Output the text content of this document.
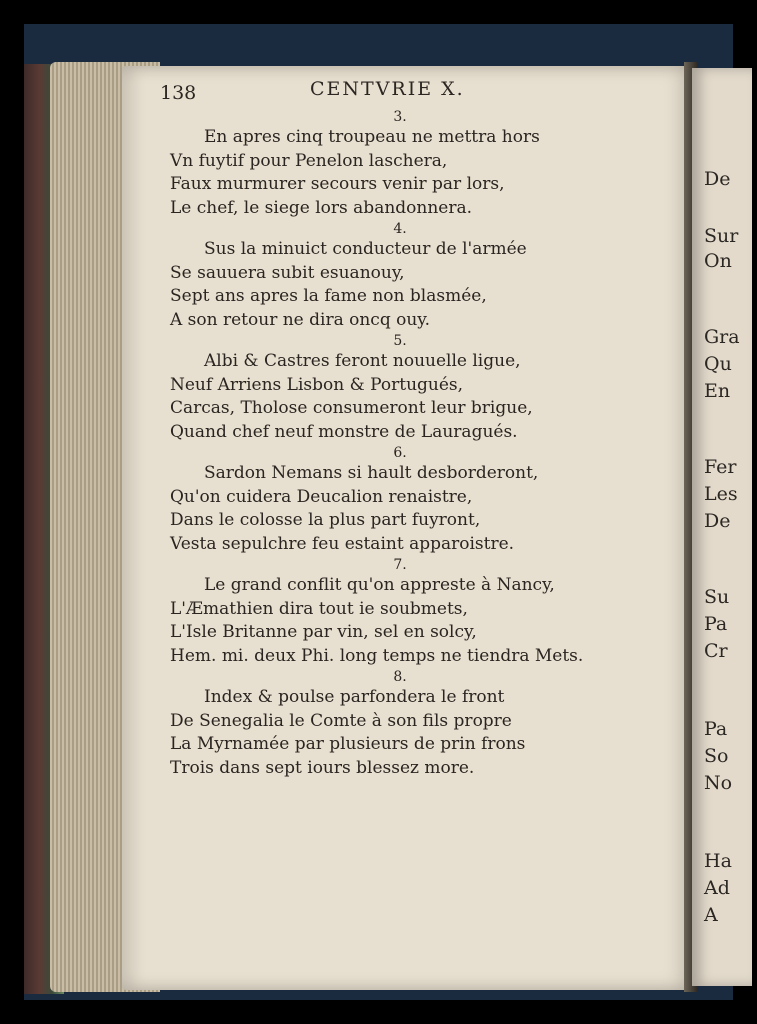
De
Sur
On
Gra
Qu
En
Fer
Les
De
Su
Pa
Cr
Pa
So
No
Ha
Ad
A
138	CENTVRIE X.
3.
En apres cinq troupeau ne mettra hors
Vn fuytif pour Penelon laschera,
Faux murmurer secours venir par lors,
Le chef, le siege lors abandonnera.
4.
Sus la minuict conducteur de l'armée
Se sauuera subit esuanouy,
Sept ans apres la fame non blasmée,
A son retour ne dira oncq ouy.
5.
Albi & Castres feront nouuelle ligue,
Neuf Arriens Lisbon & Portugués,
Carcas, Tholose consumeront leur brigue,
Quand chef neuf monstre de Lauragués.
6.
Sardon Nemans si hault desborderont,
Qu'on cuidera Deucalion renaistre,
Dans le colosse la plus part fuyront,
Vesta sepulchre feu estaint apparoistre.
7.
Le grand conflit qu'on appreste à Nancy,
L'Æmathien dira tout ie soubmets,
L'Isle Britanne par vin, sel en solcy,
Hem. mi. deux Phi. long temps ne tiendra Mets.
8.
Index & poulse parfondera le front
De Senegalia le Comte à son fils propre
La Myrnamée par plusieurs de prin frons
Trois dans sept iours blessez more.
